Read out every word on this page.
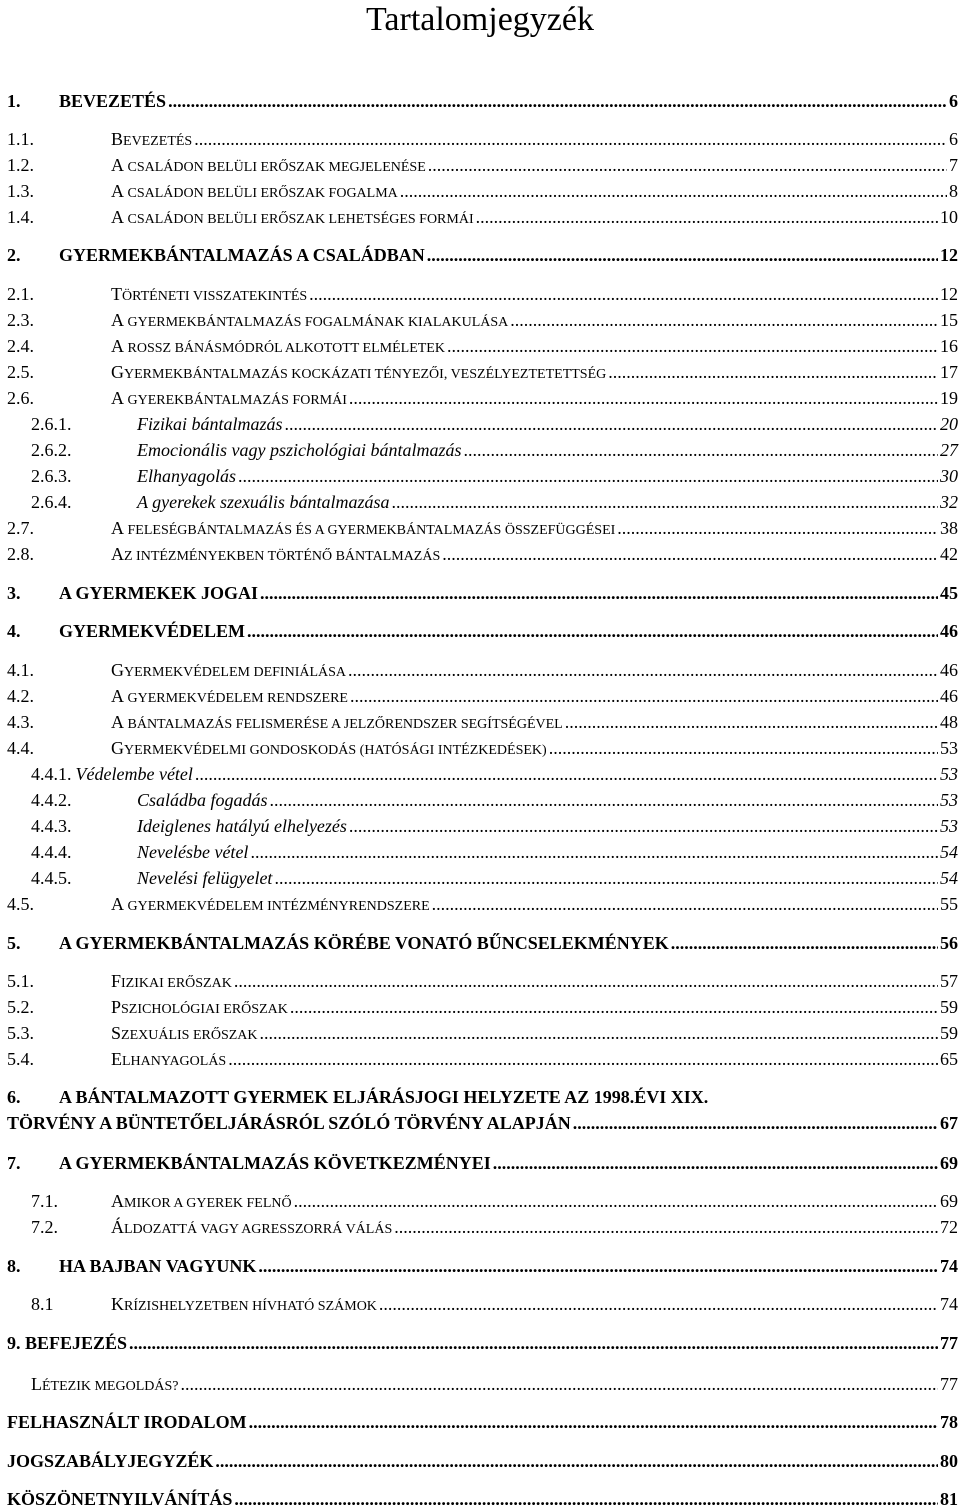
Tartalomjegyzék
1.	BEVEZETÉS .....	6
1.1.	BEVEZETÉS .....	6
1.2.	A CSALÁDON BELÜLI ERŐSZAK MEGJELENÉSE .....	7
1.3.	A CSALÁDON BELÜLI ERŐSZAK FOGALMA .....	8
1.4.	A CSALÁDON BELÜLI ERŐSZAK LEHETSÉGES FORMÁI .....	10
2.	GYERMEKBÁNTALMAZÁS A CSALÁDBAN .....	12
2.1.	TÖRTÉNETI VISSZATEKINTÉS .....	12
2.3.	A GYERMEKBÁNTALMAZÁS FOGALMÁNAK KIALAKULÁSA .....	15
2.4.	A ROSSZ BÁNÁSMÓDRÓL ALKOTOTT ELMÉLETEK .....	16
2.5.	GYERMEKBÁNTALMAZÁS KOCKÁZATI TÉNYEZŐI, VESZÉLYEZTETETTSÉG .....	17
2.6.	A GYEREKBÁNTALMAZÁS FORMÁI .....	19
2.6.1.	Fizikai bántalmazás .....	20
2.6.2.	Emocionális vagy pszichológiai bántalmazás .....	27
2.6.3.	Elhanyagolás .....	30
2.6.4.	A gyerekek szexuális bántalmazása .....	32
2.7.	A FELESÉGBÁNTALMAZÁS ÉS A GYERMEKBÁNTALMAZÁS ÖSSZEFÜGGÉSEI .....	38
2.8.	AZ INTÉZMÉNYEKBEN TÖRTÉNŐ BÁNTALMAZÁS .....	42
3.	A GYERMEKEK JOGAI .....	45
4.	GYERMEKVÉDELEM .....	46
4.1.	GYERMEKVÉDELEM DEFINIÁLÁSA .....	46
4.2.	A GYERMEKVÉDELEM RENDSZERE .....	46
4.3.	A BÁNTALMAZÁS FELISMERÉSE A JELZŐRENDSZER SEGÍTSÉGÉVEL .....	48
4.4.	GYERMEKVÉDELMI GONDOSKODÁS (HATÓSÁGI INTÉZKEDÉSEK) .....	53
4.4.1. Védelembe vétel .....	53
4.4.2.	Családba fogadás .....	53
4.4.3.	Ideiglenes hatályú elhelyezés .....	53
4.4.4.	Nevelésbe vétel .....	54
4.4.5.	Nevelési felügyelet .....	54
4.5.	A GYERMEKVÉDELEM INTÉZMÉNYRENDSZERE .....	55
5.	A GYERMEKBÁNTALMAZÁS KÖRÉBE VONATÓ BŰNCSELEKMÉNYEK .....	56
5.1.	FIZIKAI ERŐSZAK .....	57
5.2.	PSZICHOLÓGIAI ERŐSZAK .....	59
5.3.	SZEXUÁLIS ERŐSZAK .....	59
5.4.	ELHANYAGOLÁS .....	65
6. A BÁNTALMAZOTT GYERMEK ELJÁRÁSJOGI HELYZETE AZ 1998.ÉVI XIX.
TÖRVÉNY A BÜNTETŐELJÁRÁSRÓL SZÓLÓ TÖRVÉNY ALAPJÁN .....	67
7.	A GYERMEKBÁNTALMAZÁS KÖVETKEZMÉNYEI .....	69
7.1.	AMIKOR A GYEREK FELNŐ .....	69
7.2.	ÁLDOZATTÁ VAGY AGRESSZORRÁ VÁLÁS .....	72
8.	HA BAJBAN VAGYUNK .....	74
8.1	KRÍZISHELYZETBEN HÍVHATÓ SZÁMOK .....	74
9. BEFEJEZÉS .....	77
LÉTEZIK MEGOLDÁS? .....	77
FELHASZNÁLT IRODALOM .....	78
JOGSZABÁLYJEGYZÉK .....	80
KÖSZÖNETNYILVÁNÍTÁS .....	81
